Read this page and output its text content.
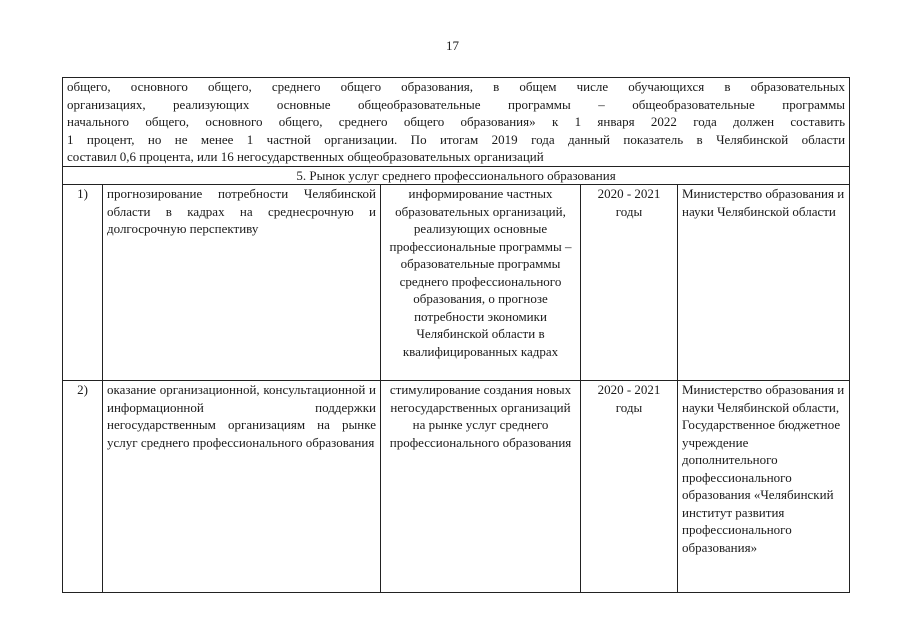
17
общего, основного общего, среднего общего образования, в общем числе обучающихся в образовательных
организациях, реализующих основные общеобразовательные программы – общеобразовательные программы
начального общего, основного общего, среднего общего образования» к 1 января 2022 года должен составить
1 процент, но не менее 1 частной организации. По итогам 2019 года данный показатель в Челябинской области
составил 0,6 процента, или 16 негосударственных общеобразовательных организаций				

5. Рынок услуг среднего профессионального образования				
1)	прогнозирование потребности Челябинской области в кадрах на среднесрочную и долгосрочную перспективу	информирование частных образовательных организаций, реализующих основные профессиональные программы – образовательные программы среднего профессионального образования, о прогнозе потребности экономики Челябинской области в квалифицированных кадрах	2020 - 2021 годы	Министерство образования и науки Челябинской области
2)	оказание организационной, консультационной и информационной поддержки негосударственным организациям на рынке услуг среднего профессионального образования	стимулирование создания новых негосударственных организаций на рынке услуг среднего профессионального образования	2020 - 2021 годы	Министерство образования и науки Челябинской области, Государственное бюджетное учреждение дополнительного профессионального образования «Челябинский институт развития профессионального образования»
